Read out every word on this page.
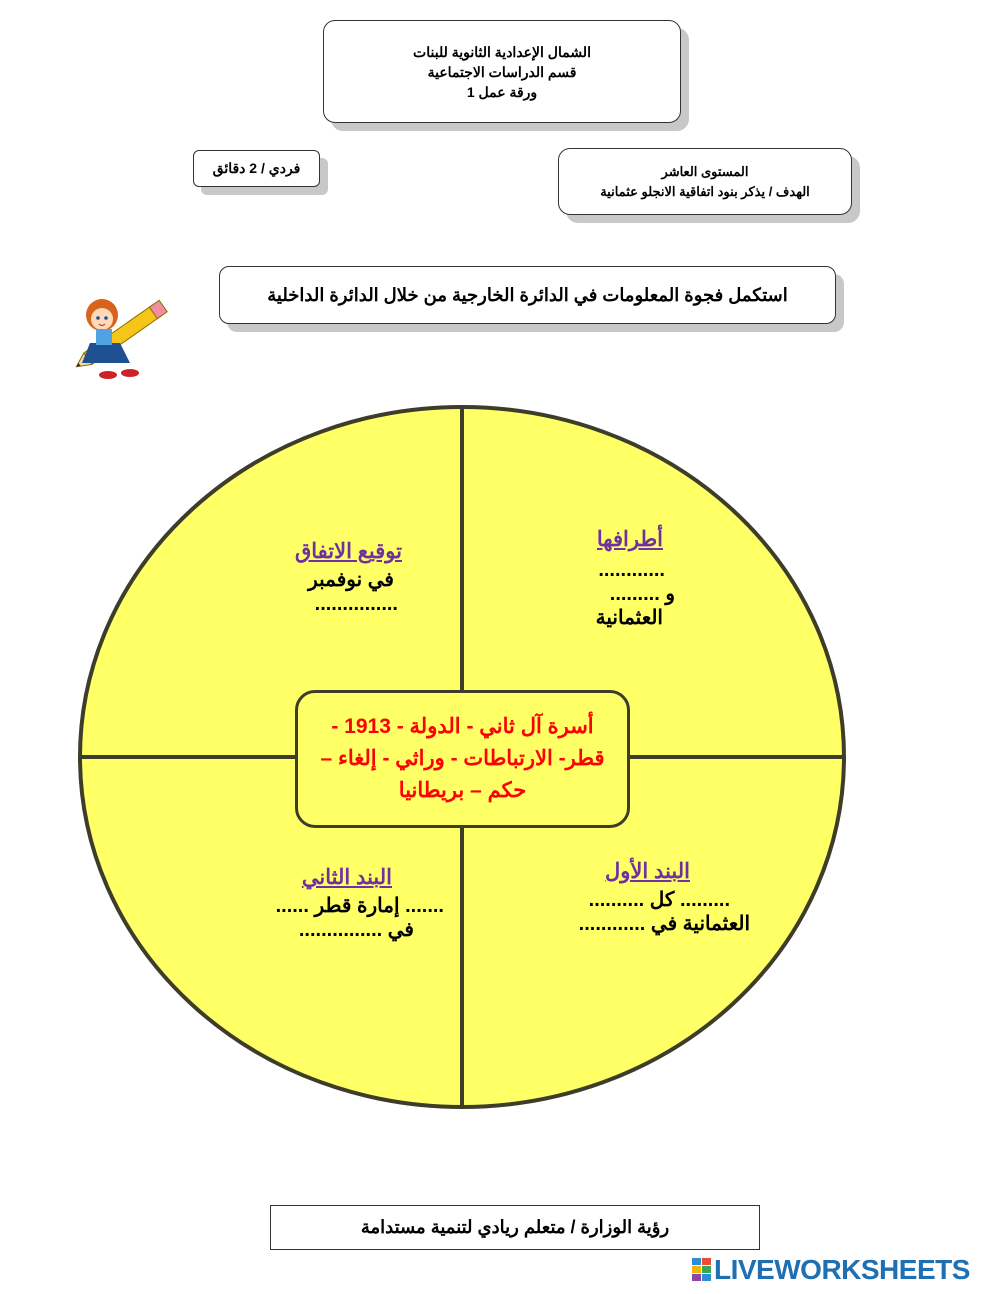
الشمال الإعدادية الثانوية للبنات
قسم الدراسات الاجتماعية
ورقة عمل 1
فردي / 2 دقائق	المستوى العاشر
الهدف / يذكر بنود اتفاقية الانجلو عثمانية
استكمل فجوة المعلومات في الدائرة الخارجية من خلال الدائرة الداخلية
أطرافها
............
و .........
العثمانية
توقيع الاتفاق
في نوفمبر
...............
البند الأول
......... كل ..........
العثمانية في ............
البند الثاني
....... إمارة قطر ......
في ...............
أسرة آل ثاني - الدولة - 1913 - قطر- الارتباطات - وراثي - إلغاء – حكم – بريطانيا
رؤية الوزارة / متعلم ريادي لتنمية مستدامة
LIVEWORKSHEETS
